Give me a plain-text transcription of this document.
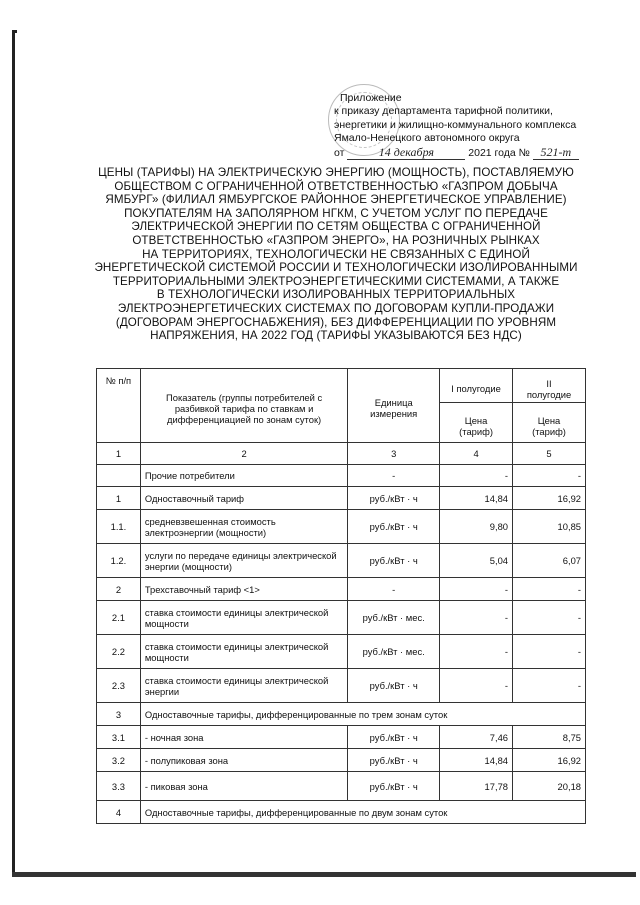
Приложение
к приказу департамента тарифной политики,
энергетики и жилищно-коммунального комплекса
Ямало-Ненецкого автономного округа
от	14 декабря	2021 года № 521-т
ЦЕНЫ (ТАРИФЫ) НА ЭЛЕКТРИЧЕСКУЮ ЭНЕРГИЮ (МОЩНОСТЬ), ПОСТАВЛЯЕМУЮ
ОБЩЕСТВОМ С ОГРАНИЧЕННОЙ ОТВЕТСТВЕННОСТЬЮ «ГАЗПРОМ ДОБЫЧА
ЯМБУРГ» (ФИЛИАЛ ЯМБУРГСКОЕ РАЙОННОЕ ЭНЕРГЕТИЧЕСКОЕ УПРАВЛЕНИЕ)
ПОКУПАТЕЛЯМ НА ЗАПОЛЯРНОМ НГКМ, С УЧЕТОМ УСЛУГ ПО ПЕРЕДАЧЕ
ЭЛЕКТРИЧЕСКОЙ ЭНЕРГИИ ПО СЕТЯМ ОБЩЕСТВА С ОГРАНИЧЕННОЙ
ОТВЕТСТВЕННОСТЬЮ «ГАЗПРОМ ЭНЕРГО», НА РОЗНИЧНЫХ РЫНКАХ
НА ТЕРРИТОРИЯХ, ТЕХНОЛОГИЧЕСКИ НЕ СВЯЗАННЫХ С ЕДИНОЙ
ЭНЕРГЕТИЧЕСКОЙ СИСТЕМОЙ РОССИИ И ТЕХНОЛОГИЧЕСКИ ИЗОЛИРОВАННЫМИ
ТЕРРИТОРИАЛЬНЫМИ ЭЛЕКТРОЭНЕРГЕТИЧЕСКИМИ СИСТЕМАМИ, А ТАКЖЕ
В ТЕХНОЛОГИЧЕСКИ ИЗОЛИРОВАННЫХ ТЕРРИТОРИАЛЬНЫХ
ЭЛЕКТРОЭНЕРГЕТИЧЕСКИХ СИСТЕМАХ ПО ДОГОВОРАМ КУПЛИ-ПРОДАЖИ
(ДОГОВОРАМ ЭНЕРГОСНАБЖЕНИЯ), БЕЗ ДИФФЕРЕНЦИАЦИИ ПО УРОВНЯМ
НАПРЯЖЕНИЯ, НА 2022 ГОД (ТАРИФЫ УКАЗЫВАЮТСЯ БЕЗ НДС)
№ п/п	Показатель (группы потребителей с разбивкой тарифа по ставкам и дифференциацией по зонам суток)	Единица измерения	I полугодие	II полугодие
			Цена (тариф)	Цена (тариф)
1	2	3	4	5
	Прочие потребители	-	-	-
1	Одноставочный тариф	руб./кВт · ч	14,84	16,92
1.1.	средневзвешенная стоимость электроэнергии (мощности)	руб./кВт · ч	9,80	10,85
1.2.	услуги по передаче единицы электрической энергии (мощности)	руб./кВт · ч	5,04	6,07
2	Трехставочный тариф <1>	-	-	-
2.1	ставка стоимости единицы электрической мощности	руб./кВт · мес.	-	-
2.2	ставка стоимости единицы электрической мощности	руб./кВт · мес.	-	-
2.3	ставка стоимости единицы электрической энергии	руб./кВт · ч	-	-
3	Одноставочные тарифы, дифференцированные по трем зонам суток			
3.1	- ночная зона	руб./кВт · ч	7,46	8,75
3.2	- полупиковая зона	руб./кВт · ч	14,84	16,92
3.3	- пиковая зона	руб./кВт · ч	17,78	20,18
4	Одноставочные тарифы, дифференцированные по двум зонам суток			
